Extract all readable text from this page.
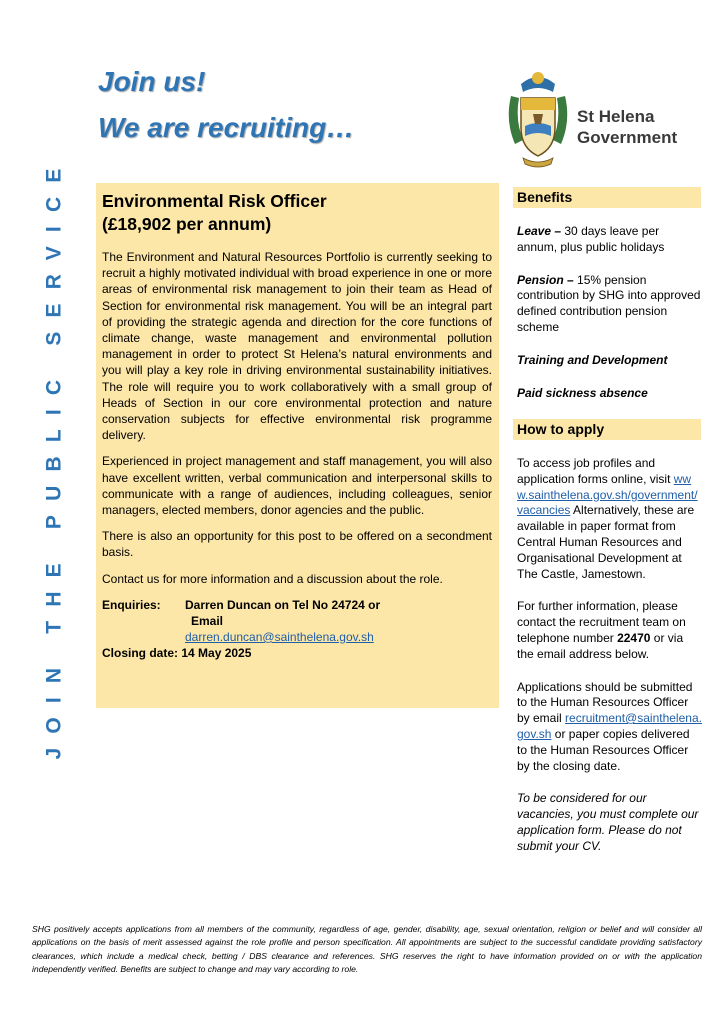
JOIN THE PUBLIC SERVICE
Join us!
We are recruiting…	St Helena
Government
Environmental Risk Officer
(£18,902 per annum)

The Environment and Natural Resources Portfolio is currently seeking to recruit a highly motivated individual with broad experience in one or more areas of environmental risk management to join their team as Head of Section for environmental risk management. You will be an integral part of providing the strategic agenda and direction for the core functions of climate change, waste management and environmental pollution management in order to protect St Helena’s natural environments and you will play a key role in driving environmental sustainability initiatives. The role will require you to work collaboratively with a small group of Heads of Section in our core environmental protection and nature conservation subjects for effective environmental risk programme delivery.

Experienced in project management and staff management, you will also have excellent written, verbal communication and interpersonal skills to communicate with a range of audiences, including colleagues, senior managers, elected members, donor agencies and the public.

There is also an opportunity for this post to be offered on a secondment basis.

Contact us for more information and a discussion about the role.

Enquiries:	Darren Duncan on Tel No 24724 or
Email
darren.duncan@sainthelena.gov.sh
Closing date: 14 May 2025
Benefits

Leave – 30 days leave per annum, plus public holidays

Pension – 15% pension contribution by SHG into approved defined contribution pension scheme

Training and Development

Paid sickness absence

How to apply

To access job profiles and application forms online, visit www.sainthelena.gov.sh/government/vacancies Alternatively, these are available in paper format from Central Human Resources and Organisational Development at The Castle, Jamestown.

For further information, please contact the recruitment team on telephone number 22470 or via the email address below.

Applications should be submitted to the Human Resources Officer by email recruitment@sainthelena.gov.sh or paper copies delivered to the Human Resources Officer by the closing date.

To be considered for our vacancies, you must complete our application form. Please do not submit your CV.

SHG positively accepts applications from all members of the community, regardless of age, gender, disability, age, sexual orientation, religion or belief and will consider all applications on the basis of merit assessed against the role profile and person specification. All appointments are subject to the successful candidate providing satisfactory clearances, which include a medical check, betting / DBS clearance and references. SHG reserves the right to have information provided on or with the application independently verified. Benefits are subject to change and may vary according to role.
